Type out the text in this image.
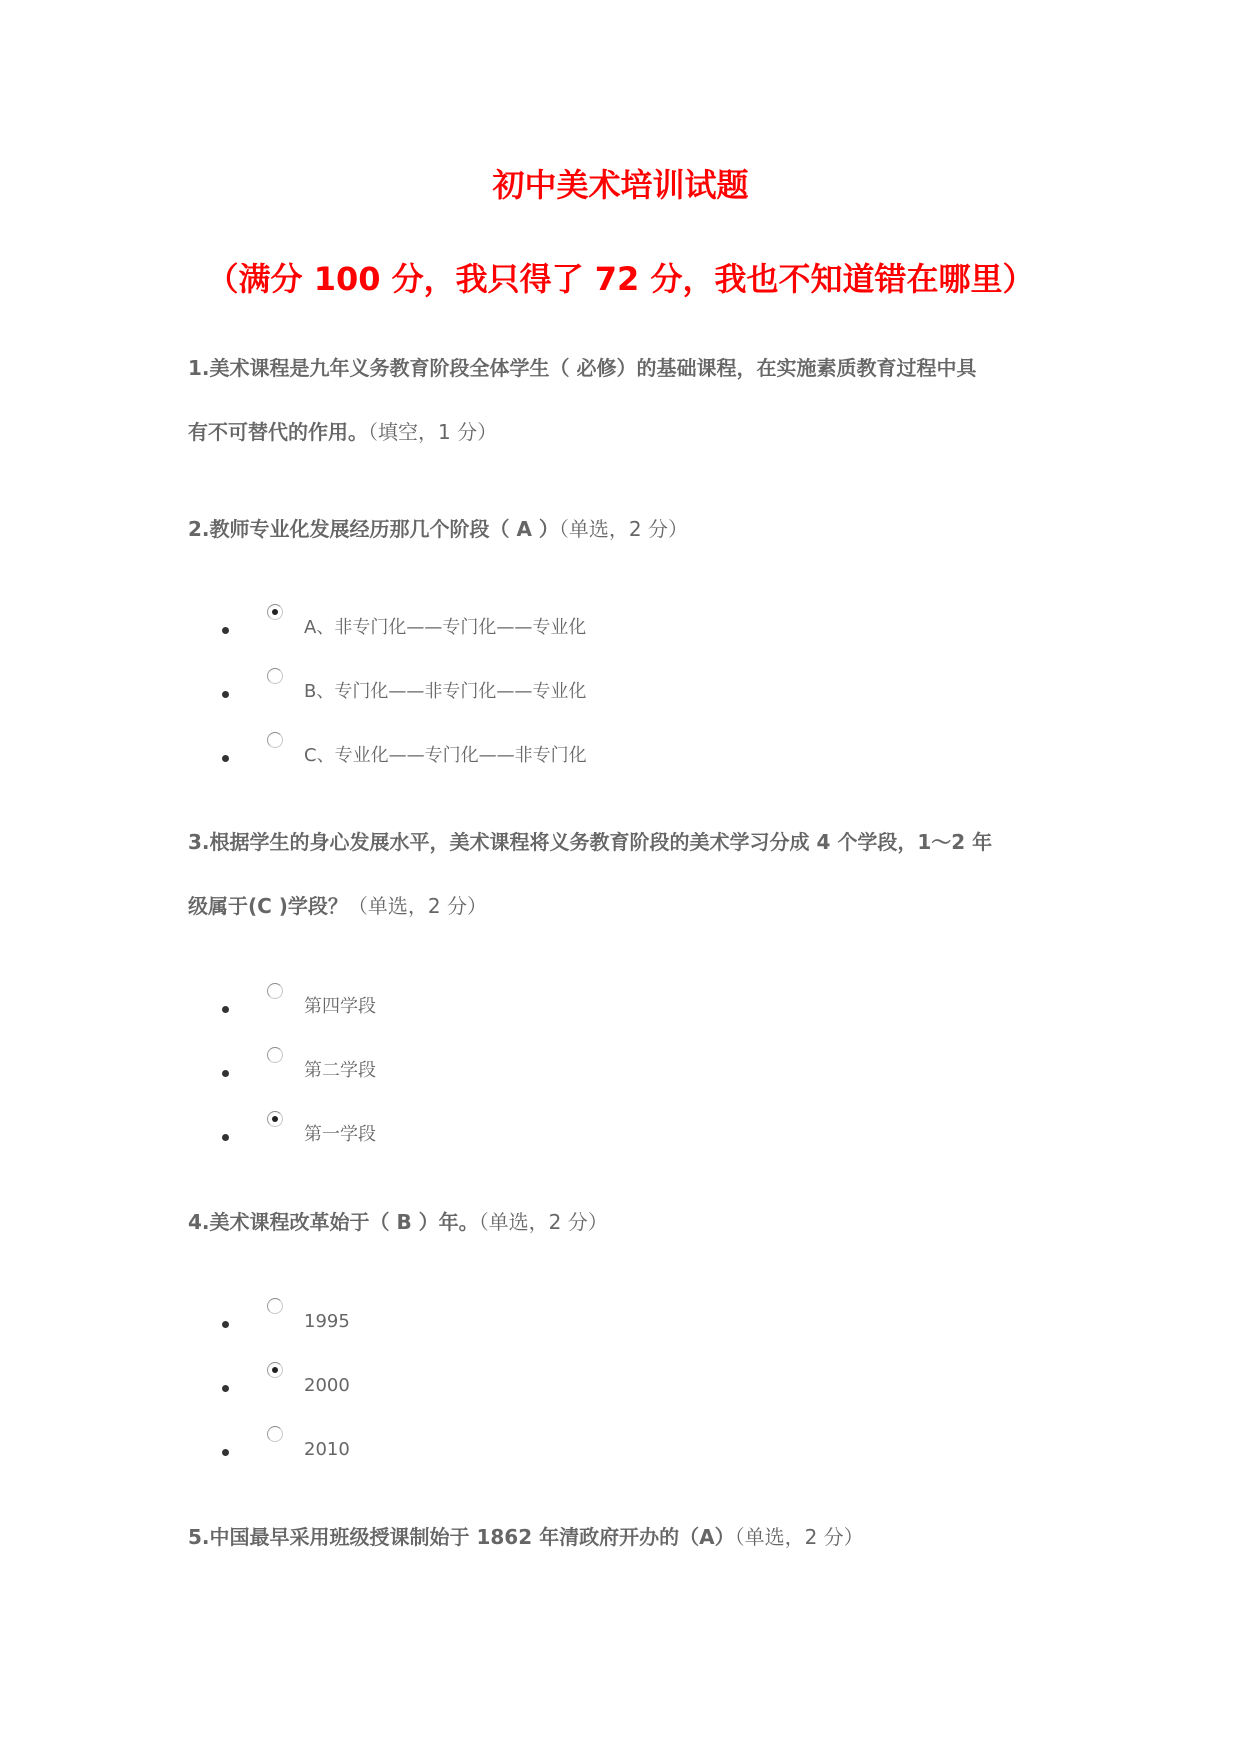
初中美术培训试题
（满分 100 分，我只得了 72 分，我也不知道错在哪里）
1.美术课程是九年义务教育阶段全体学生（ 必修）的基础课程，在实施素质教育过程中具
有不可替代的作用。（填空，1 分）
2.教师专业化发展经历那几个阶段（ A ）（单选，2 分）
A、非专门化——专门化——专业化
B、专门化——非专门化——专业化
C、专业化——专门化——非专门化
3.根据学生的身心发展水平，美术课程将义务教育阶段的美术学习分成 4 个学段，1～2 年
级属于(C )学段？（单选，2 分）
第四学段
第二学段
第一学段
4.美术课程改革始于（ B ）年。（单选，2 分）
1995
2000
2010
5.中国最早采用班级授课制始于 1862 年清政府开办的（A）（单选，2 分）
